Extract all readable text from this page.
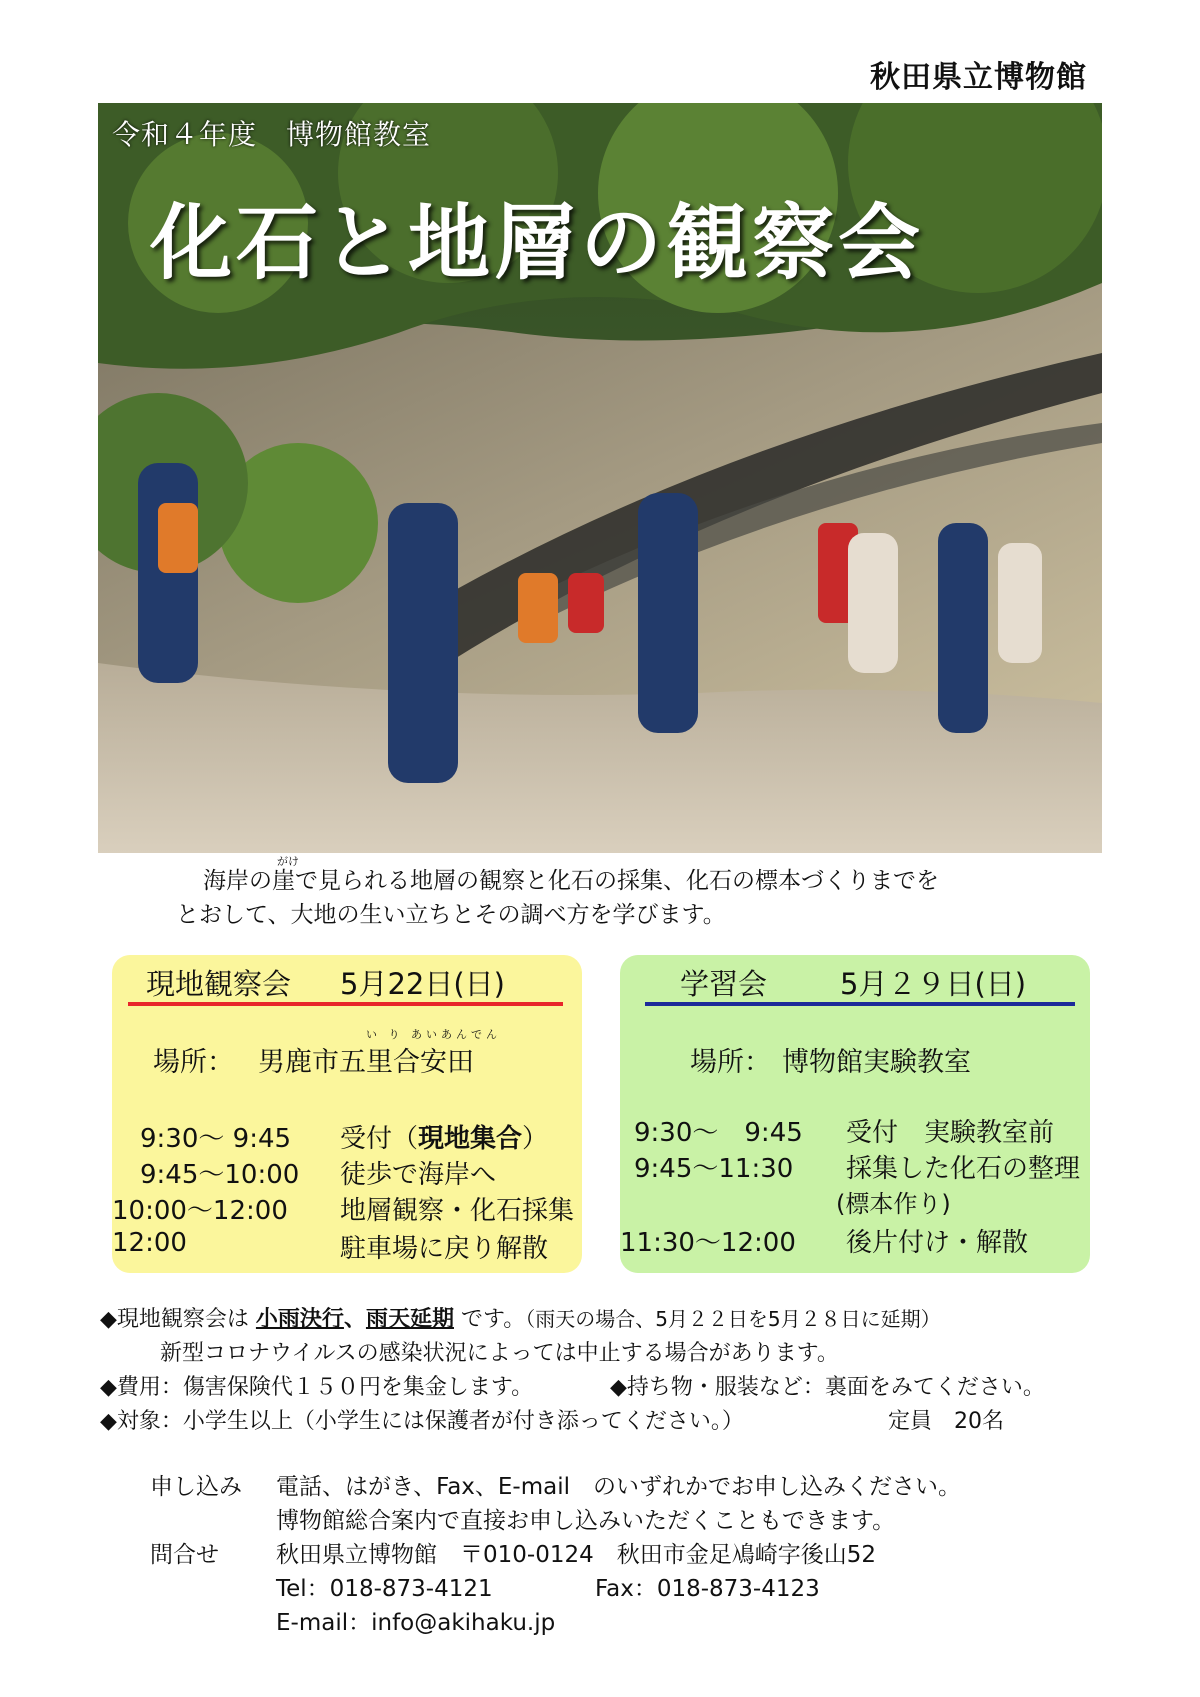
秋田県立博物館
令和４年度　博物館教室
化石と地層の観察会
がけ
海岸の崖で見られる地層の観察と化石の採集、化石の標本づくりまでを
とおして、大地の生い立ちとその調べ方を学びます。
現地観察会 5月22日(日)
い り あいあんでん
場所： 男鹿市五里合安田
9:30～ 9:45 受付（現地集合）
9:45～10:00 徒歩で海岸へ
10:00～12:00 地層観察・化石採集
12:00	駐車場に戻り解散
学習会	5月２９日(日)
場所： 博物館実験教室
9:30～　9:45 受付　実験教室前
9:45～11:30 採集した化石の整理
(標本作り)
11:30～12:00 後片付け・解散
◆現地観察会は 小雨決行、雨天延期 です。（雨天の場合、5月２２日を5月２８日に延期）
新型コロナウイルスの感染状況によっては中止する場合があります。
◆費用：傷害保険代１５０円を集金します。	◆持ち物・服装など：裏面をみてください。
◆対象：小学生以上（小学生には保護者が付き添ってください。）	定員　20名
申し込み 電話、はがき、Fax、E-mail　のいずれかでお申し込みください。
博物館総合案内で直接お申し込みいただくこともできます。
問合せ 秋田県立博物館　〒010-0124　秋田市金足鳰崎字後山52
Tel：018-873-4121	Fax：018-873-4123
E-mail：info@akihaku.jp
